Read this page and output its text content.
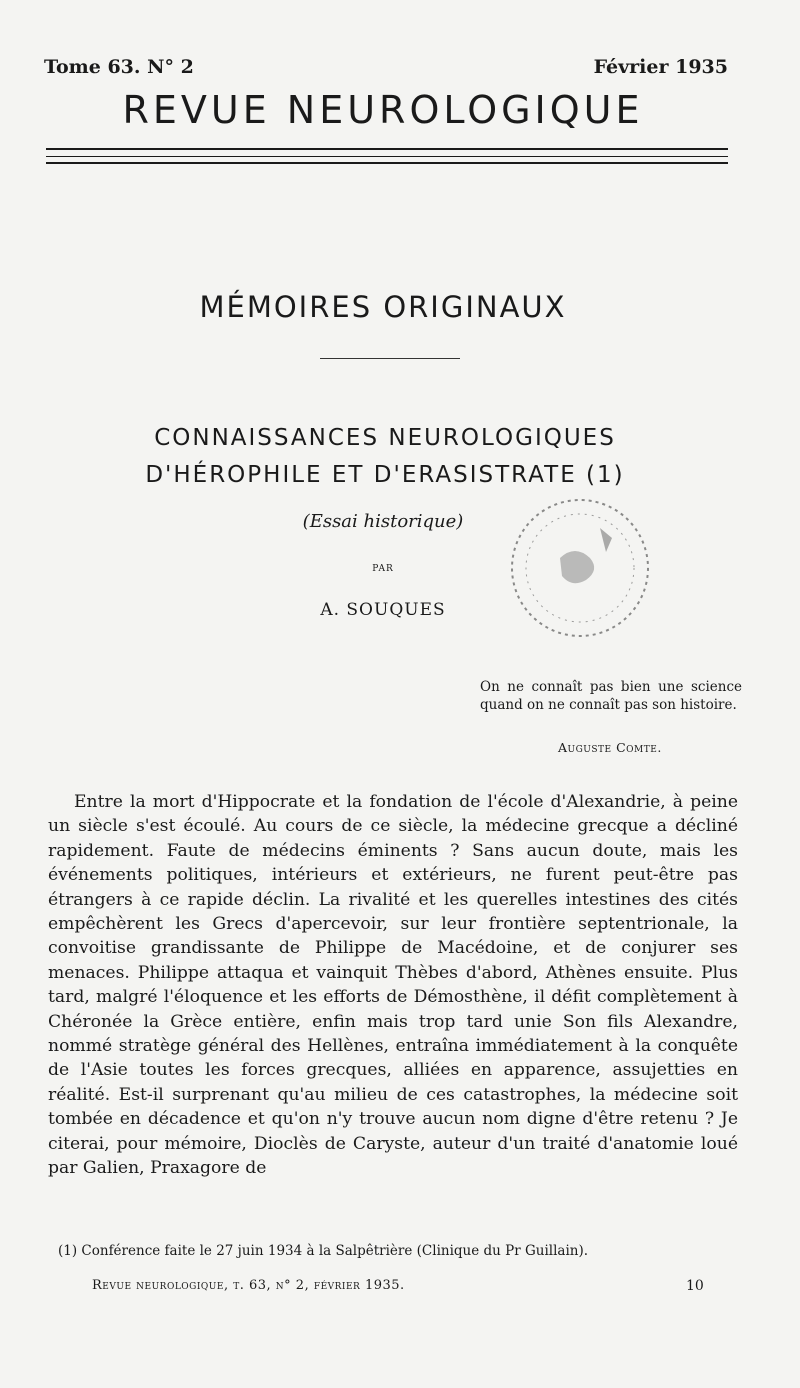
Tome 63. N° 2	Février 1935
REVUE NEUROLOGIQUE
MÉMOIRES ORIGINAUX
CONNAISSANCES NEUROLOGIQUES
D'HÉROPHILE ET D'ERASISTRATE (1)
(Essai historique)
PAR
A. SOUQUES
On ne connaît pas bien une science quand on ne connaît pas son histoire.
Auguste Comte.

Entre la mort d'Hippocrate et la fondation de l'école d'Alexandrie, à peine un siècle s'est écoulé. Au cours de ce siècle, la médecine grecque a décliné rapidement. Faute de médecins éminents ? Sans aucun doute, mais les événements politiques, intérieurs et extérieurs, ne furent peut-être pas étrangers à ce rapide déclin. La rivalité et les querelles intestines des cités empêchèrent les Grecs d'apercevoir, sur leur frontière septentrionale, la convoitise grandissante de Philippe de Macédoine, et de conjurer ses menaces. Philippe attaqua et vainquit Thèbes d'abord, Athènes ensuite. Plus tard, malgré l'éloquence et les efforts de Démosthène, il défit complètement à Chéronée la Grèce entière, enfin mais trop tard unie Son fils Alexandre, nommé stratège général des Hellènes, entraîna immédiatement à la conquête de l'Asie toutes les forces grecques, alliées en apparence, assujetties en réalité. Est-il surprenant qu'au milieu de ces catastrophes, la médecine soit tombée en décadence et qu'on n'y trouve aucun nom digne d'être retenu ? Je citerai, pour mémoire, Dioclès de Caryste, auteur d'un traité d'anatomie loué par Galien, Praxagore de

(1) Conférence faite le 27 juin 1934 à la Salpêtrière (Clinique du Pr Guillain).
Revue neurologique, t. 63, n° 2, février 1935.	10
